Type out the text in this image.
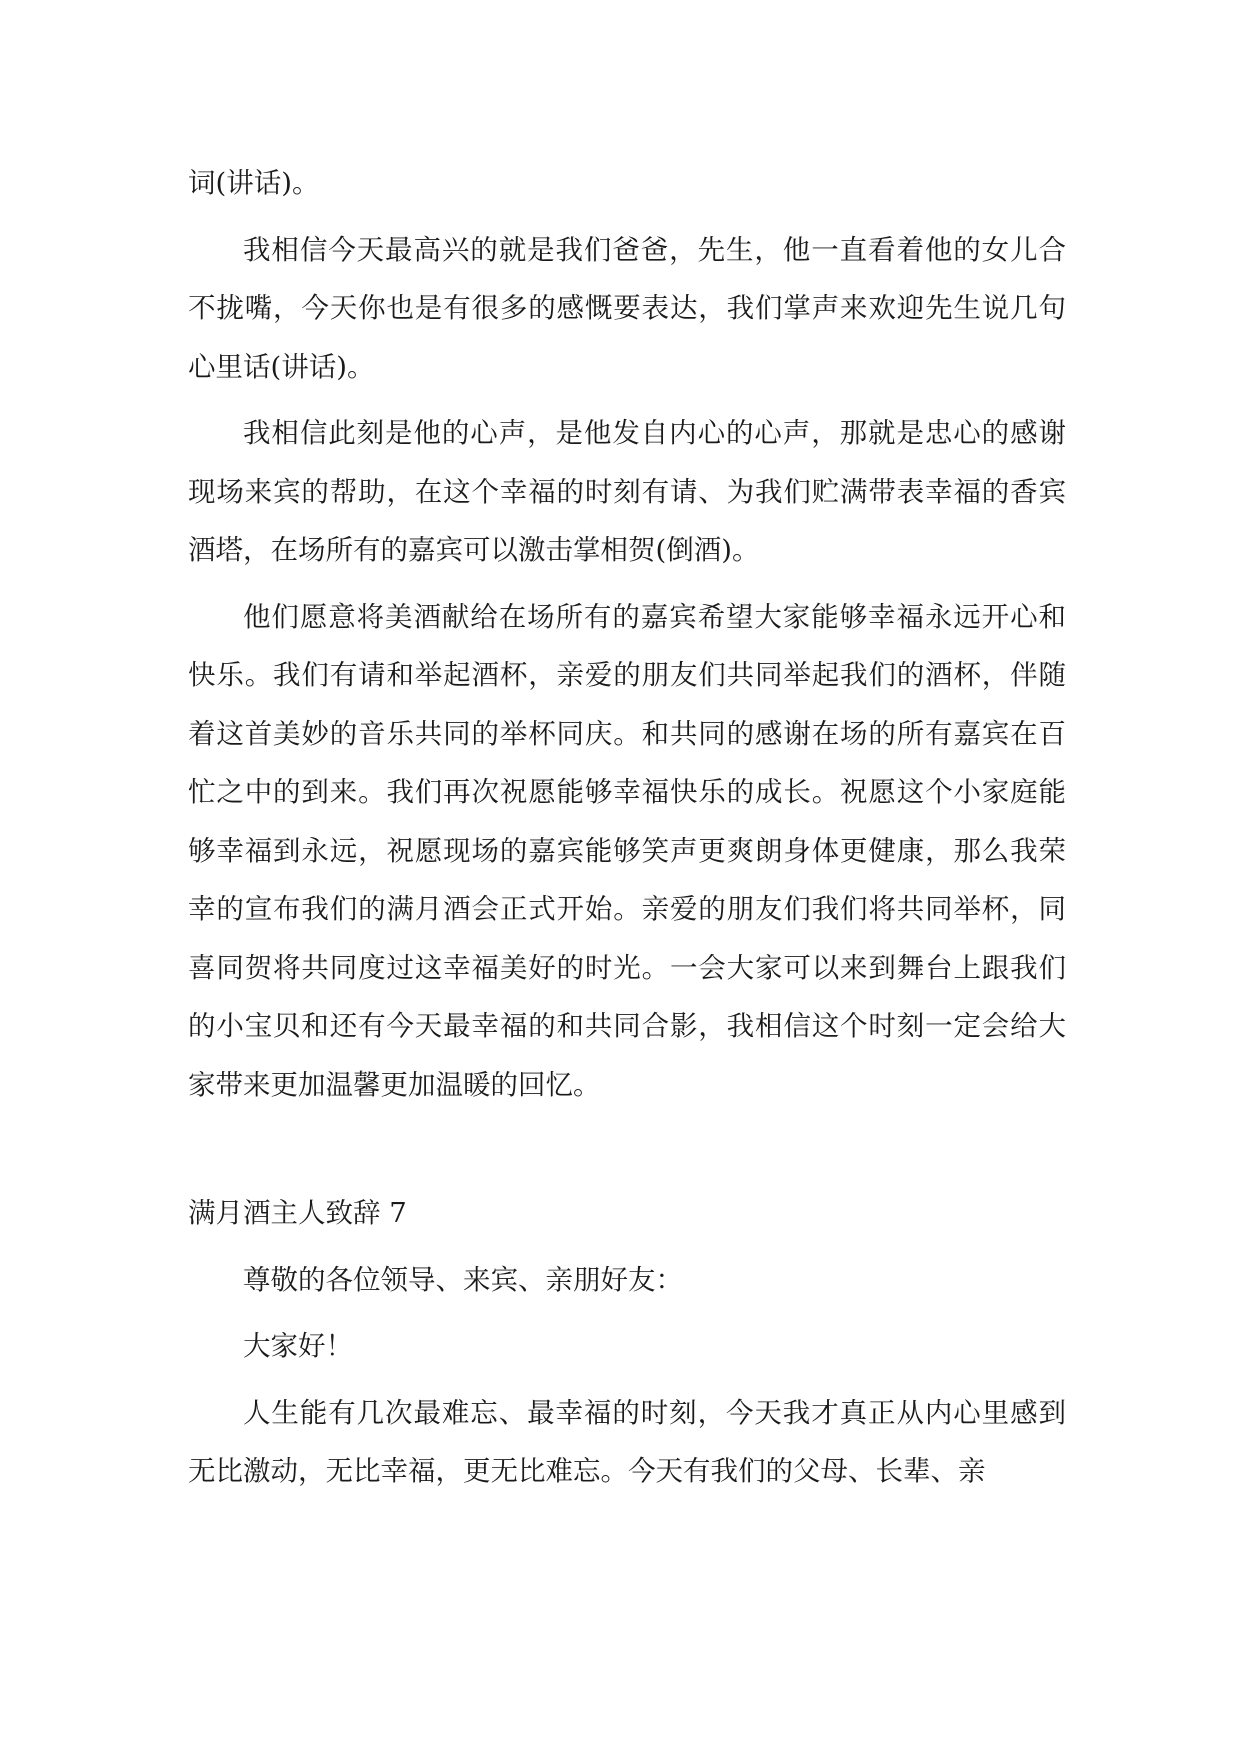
词(讲话)。

我相信今天最高兴的就是我们爸爸，先生，他一直看着他的女儿合不拢嘴，今天你也是有很多的感慨要表达，我们掌声来欢迎先生说几句心里话(讲话)。

我相信此刻是他的心声，是他发自内心的心声，那就是忠心的感谢现场来宾的帮助，在这个幸福的时刻有请、为我们贮满带表幸福的香宾酒塔，在场所有的嘉宾可以激击掌相贺(倒酒)。

他们愿意将美酒献给在场所有的嘉宾希望大家能够幸福永远开心和快乐。我们有请和举起酒杯，亲爱的朋友们共同举起我们的酒杯，伴随着这首美妙的音乐共同的举杯同庆。和共同的感谢在场的所有嘉宾在百忙之中的到来。我们再次祝愿能够幸福快乐的成长。祝愿这个小家庭能够幸福到永远，祝愿现场的嘉宾能够笑声更爽朗身体更健康，那么我荣幸的宣布我们的满月酒会正式开始。亲爱的朋友们我们将共同举杯，同喜同贺将共同度过这幸福美好的时光。一会大家可以来到舞台上跟我们的小宝贝和还有今天最幸福的和共同合影，我相信这个时刻一定会给大家带来更加温馨更加温暖的回忆。

满月酒主人致辞 7

尊敬的各位领导、来宾、亲朋好友：

大家好！

人生能有几次最难忘、最幸福的时刻，今天我才真正从内心里感到无比激动，无比幸福，更无比难忘。今天有我们的父母、长辈、亲
